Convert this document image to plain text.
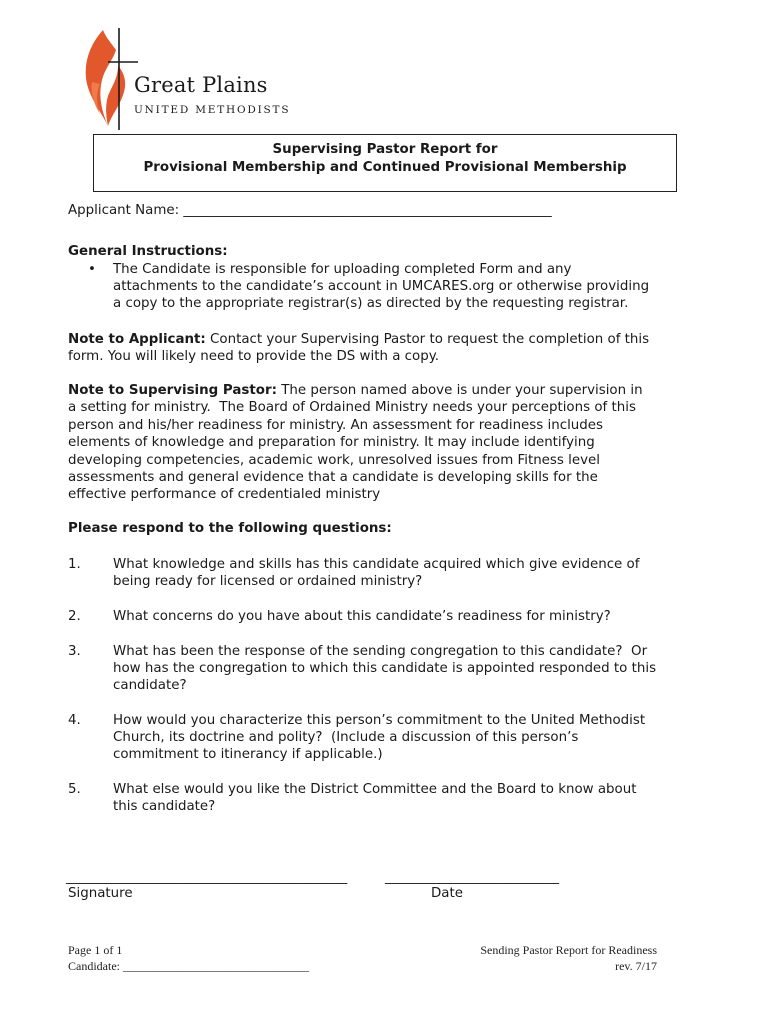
Great Plains
UNITED METHODISTS
Supervising Pastor Report for
Provisional Membership and Continued Provisional Membership
Applicant Name: _______________________________________________________
General Instructions:
• The Candidate is responsible for uploading completed Form and any
attachments to the candidate’s account in UMCARES.org or otherwise providing
a copy to the appropriate registrar(s) as directed by the requesting registrar.
Note to Applicant: Contact your Supervising Pastor to request the completion of this
form. You will likely need to provide the DS with a copy.
Note to Supervising Pastor: The person named above is under your supervision in
a setting for ministry.  The Board of Ordained Ministry needs your perceptions of this
person and his/her readiness for ministry. An assessment for readiness includes
elements of knowledge and preparation for ministry. It may include identifying
developing competencies, academic work, unresolved issues from Fitness level
assessments and general evidence that a candidate is developing skills for the
effective performance of credentialed ministry
Please respond to the following questions:
1. What knowledge and skills has this candidate acquired which give evidence of
being ready for licensed or ordained ministry?
2. What concerns do you have about this candidate’s readiness for ministry?
3. What has been the response of the sending congregation to this candidate?  Or
how has the congregation to which this candidate is appointed responded to this
candidate?
4. How would you characterize this person’s commitment to the United Methodist
Church, its doctrine and polity?  (Include a discussion of this person’s
commitment to itinerancy if applicable.)
5. What else would you like the District Committee and the Board to know about
this candidate?
__________________________________________	__________________________
Signature	Date
Page 1 of 1
Candidate: _______________________________
Sending Pastor Report for Readiness
rev. 7/17
